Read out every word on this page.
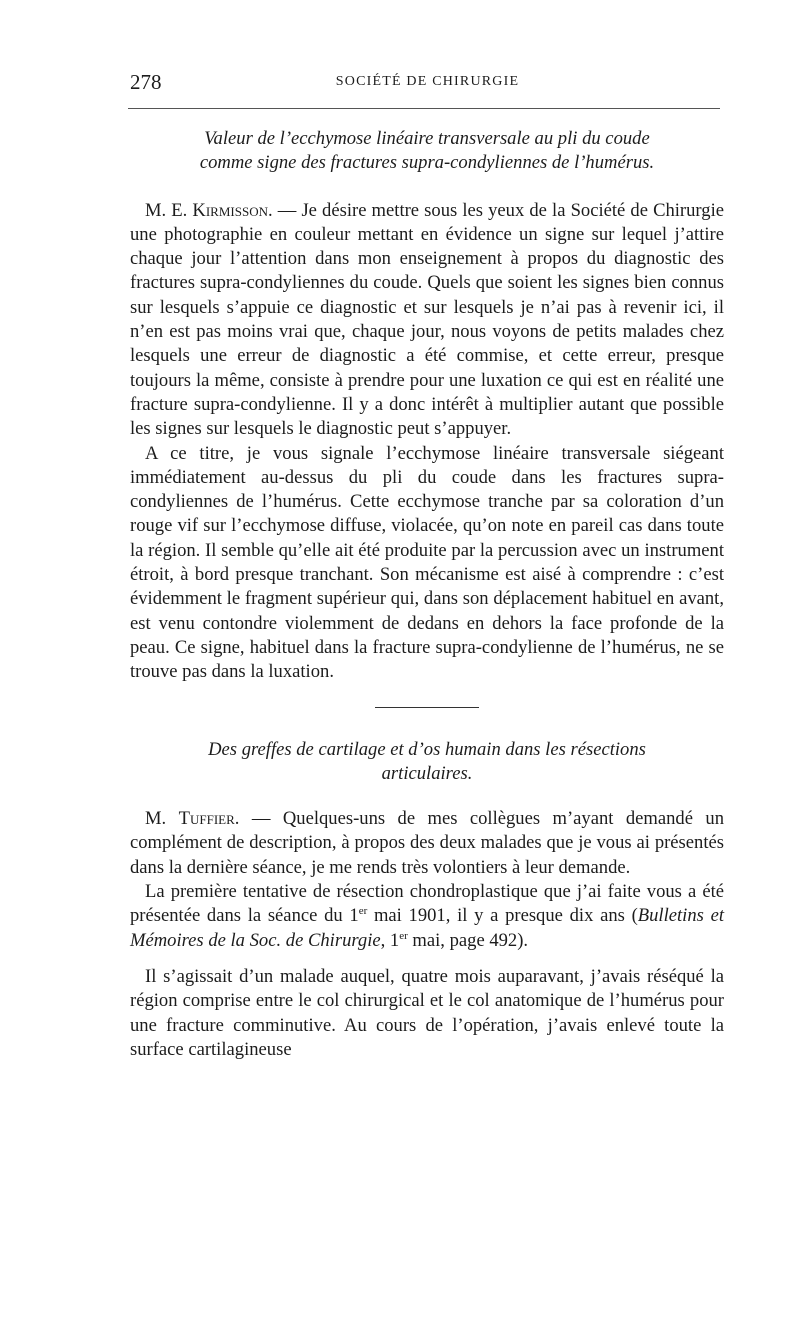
278	SOCIÉTÉ DE CHIRURGIE
Valeur de l’ecchymose linéaire transversale au pli du coude
comme signe des fractures supra-condyliennes de l’humérus.

M. E. Kirmisson. — Je désire mettre sous les yeux de la Société de Chirurgie une photographie en couleur mettant en évidence un signe sur lequel j’attire chaque jour l’attention dans mon enseignement à propos du diagnostic des fractures supra-condyliennes du coude. Quels que soient les signes bien connus sur lesquels s’appuie ce diagnostic et sur lesquels je n’ai pas à revenir ici, il n’en est pas moins vrai que, chaque jour, nous voyons de petits malades chez lesquels une erreur de diagnostic a été commise, et cette erreur, presque toujours la même, consiste à prendre pour une luxation ce qui est en réalité une fracture supra-condylienne. Il y a donc intérêt à multiplier autant que possible les signes sur lesquels le diagnostic peut s’appuyer.

A ce titre, je vous signale l’ecchymose linéaire transversale siégeant immédiatement au-dessus du pli du coude dans les fractures supra-condyliennes de l’humérus. Cette ecchymose tranche par sa coloration d’un rouge vif sur l’ecchymose diffuse, violacée, qu’on note en pareil cas dans toute la région. Il semble qu’elle ait été produite par la percussion avec un instrument étroit, à bord presque tranchant. Son mécanisme est aisé à comprendre : c’est évidemment le fragment supérieur qui, dans son déplacement habituel en avant, est venu contondre violemment de dedans en dehors la face profonde de la peau. Ce signe, habituel dans la fracture supra-condylienne de l’humérus, ne se trouve pas dans la luxation.

Des greffes de cartilage et d’os humain dans les résections
articulaires.

M. Tuffier. — Quelques-uns de mes collègues m’ayant demandé un complément de description, à propos des deux malades que je vous ai présentés dans la dernière séance, je me rends très volontiers à leur demande.

La première tentative de résection chondroplastique que j’ai faite vous a été présentée dans la séance du 1er mai 1901, il y a presque dix ans (Bulletins et Mémoires de la Soc. de Chirurgie, 1er mai, page 492).

Il s’agissait d’un malade auquel, quatre mois auparavant, j’avais réséqué la région comprise entre le col chirurgical et le col anatomique de l’humérus pour une fracture comminutive. Au cours de l’opération, j’avais enlevé toute la surface cartilagineuse
